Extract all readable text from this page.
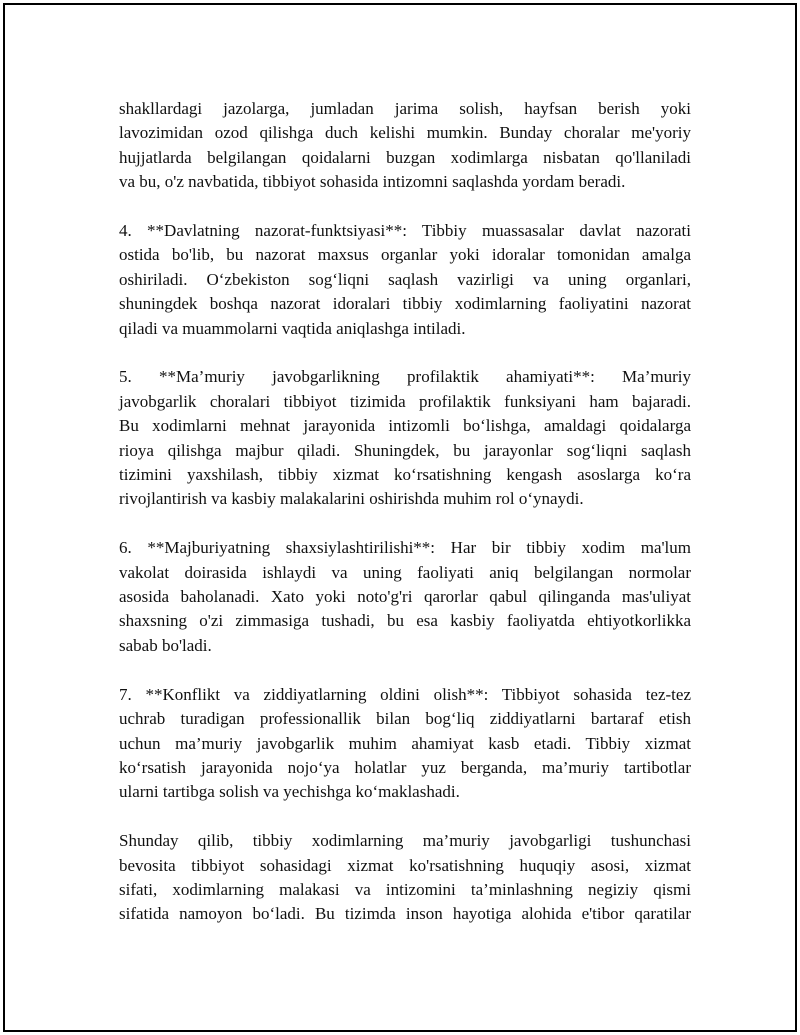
shakllardagi jazolarga, jumladan jarima solish, hayfsan berish yoki
lavozimidan ozod qilishga duch kelishi mumkin. Bunday choralar me'yoriy
hujjatlarda belgilangan qoidalarni buzgan xodimlarga nisbatan qo'llaniladi
va bu, o'z navbatida, tibbiyot sohasida intizomni saqlashda yordam beradi.

4. **Davlatning nazorat-funktsiyasi**: Tibbiy muassasalar davlat nazorati
ostida bo'lib, bu nazorat maxsus organlar yoki idoralar tomonidan amalga
oshiriladi. O‘zbekiston sog‘liqni saqlash vazirligi va uning organlari,
shuningdek boshqa nazorat idoralari tibbiy xodimlarning faoliyatini nazorat
qiladi va muammolarni vaqtida aniqlashga intiladi.

5. **Ma’muriy javobgarlikning profilaktik ahamiyati**: Ma’muriy
javobgarlik choralari tibbiyot tizimida profilaktik funksiyani ham bajaradi.
Bu xodimlarni mehnat jarayonida intizomli bo‘lishga, amaldagi qoidalarga
rioya qilishga majbur qiladi. Shuningdek, bu jarayonlar sog‘liqni saqlash
tizimini yaxshilash, tibbiy xizmat ko‘rsatishning kengash asoslarga ko‘ra
rivojlantirish va kasbiy malakalarini oshirishda muhim rol o‘ynaydi.

6. **Majburiyatning shaxsiylashtirilishi**: Har bir tibbiy xodim ma'lum
vakolat doirasida ishlaydi va uning faoliyati aniq belgilangan normolar
asosida baholanadi. Xato yoki noto'g'ri qarorlar qabul qilinganda mas'uliyat
shaxsning o'zi zimmasiga tushadi, bu esa kasbiy faoliyatda ehtiyotkorlikka
sabab bo'ladi.

7. **Konflikt va ziddiyatlarning oldini olish**: Tibbiyot sohasida tez-tez
uchrab turadigan professionallik bilan bog‘liq ziddiyatlarni bartaraf etish
uchun ma’muriy javobgarlik muhim ahamiyat kasb etadi. Tibbiy xizmat
ko‘rsatish jarayonida nojo‘ya holatlar yuz berganda, ma’muriy tartibotlar
ularni tartibga solish va yechishga ko‘maklashadi.

Shunday qilib, tibbiy xodimlarning ma’muriy javobgarligi tushunchasi
bevosita tibbiyot sohasidagi xizmat ko'rsatishning huquqiy asosi, xizmat
sifati, xodimlarning malakasi va intizomini ta’minlashning negiziy qismi
sifatida namoyon bo‘ladi. Bu tizimda inson hayotiga alohida e'tibor qaratilar
